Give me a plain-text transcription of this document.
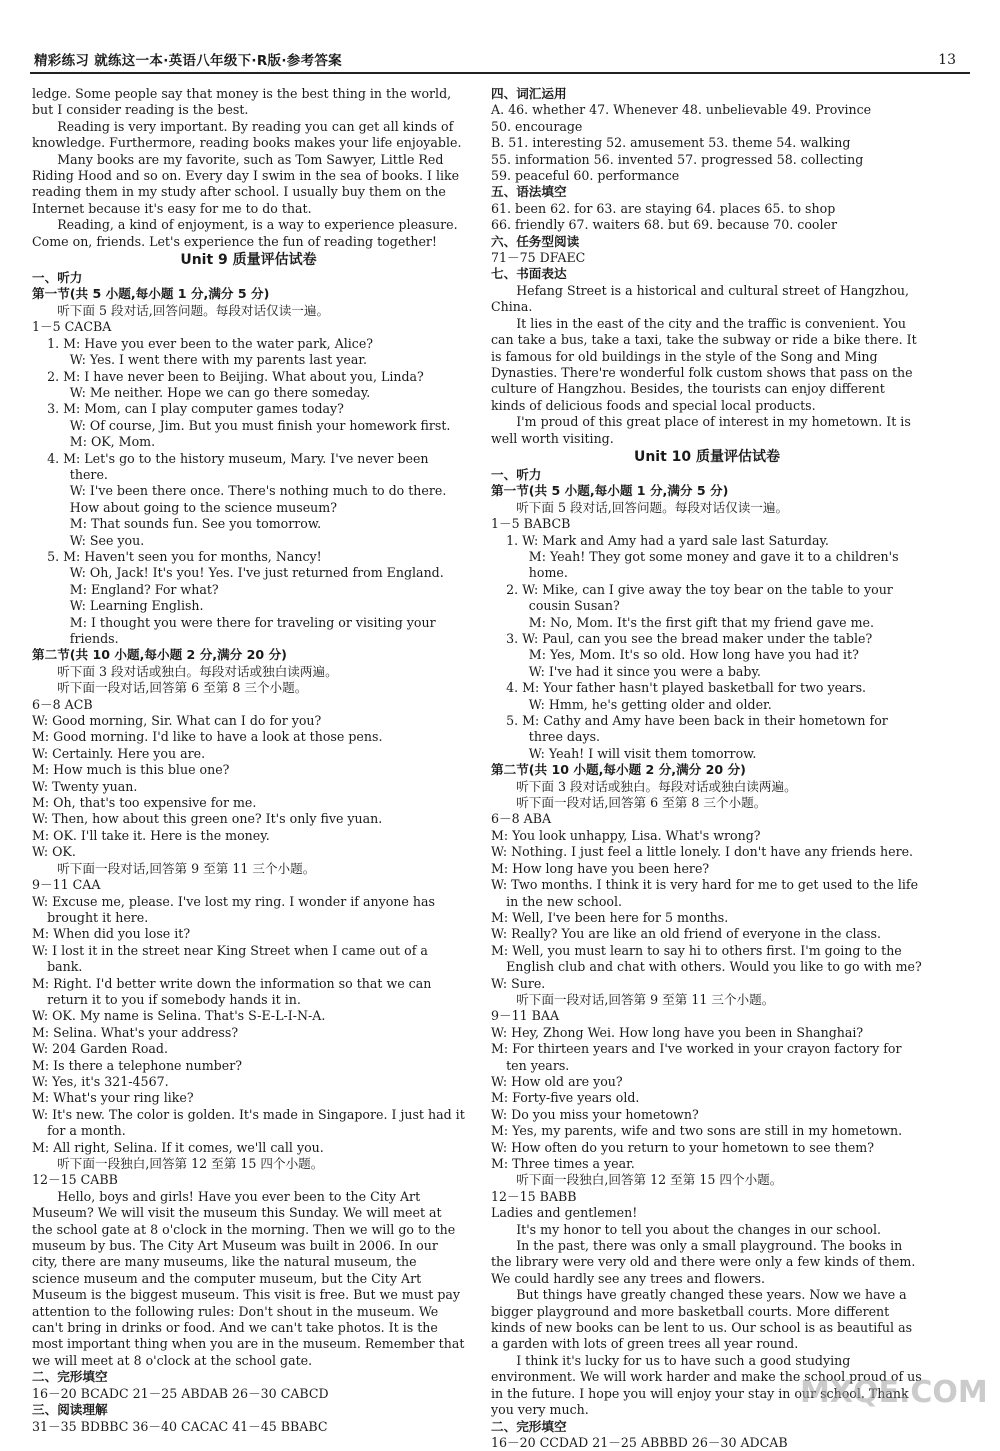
精彩练习 就练这一本·英语八年级下·R版·参考答案	13

ledge. Some people say that money is the best thing in the world, but I consider reading is the best.

Reading is very important. By reading you can get all kinds of knowledge. Furthermore, reading books makes your life enjoyable.

Many books are my favorite, such as Tom Sawyer, Little Red Riding Hood and so on. Every day I swim in the sea of books. I like reading them in my study after school. I usually buy them on the Internet because it's easy for me to do that.

Reading, a kind of enjoyment, is a way to experience pleasure. Come on, friends. Let's experience the fun of reading together!

Unit 9 质量评估试卷

一、听力

第一节(共 5 小题,每小题 1 分,满分 5 分)

听下面 5 段对话,回答问题。每段对话仅读一遍。

1－5 CACBA

1. M: Have you ever been to the water park, Alice?

W: Yes. I went there with my parents last year.

2. M: I have never been to Beijing. What about you, Linda?

W: Me neither. Hope we can go there someday.

3. M: Mom, can I play computer games today?

W: Of course, Jim. But you must finish your homework first.

M: OK, Mom.

4. M: Let's go to the history museum, Mary. I've never been there.

W: I've been there once. There's nothing much to do there. How about going to the science museum?

M: That sounds fun. See you tomorrow.

W: See you.

5. M: Haven't seen you for months, Nancy!

W: Oh, Jack! It's you! Yes. I've just returned from England.

M: England? For what?

W: Learning English.

M: I thought you were there for traveling or visiting your friends.

第二节(共 10 小题,每小题 2 分,满分 20 分)

听下面 3 段对话或独白。每段对话或独白读两遍。

听下面一段对话,回答第 6 至第 8 三个小题。

6－8 ACB

W: Good morning, Sir. What can I do for you?

M: Good morning. I'd like to have a look at those pens.

W: Certainly. Here you are.

M: How much is this blue one?

W: Twenty yuan.

M: Oh, that's too expensive for me.

W: Then, how about this green one? It's only five yuan.

M: OK. I'll take it. Here is the money.

W: OK.

听下面一段对话,回答第 9 至第 11 三个小题。

9－11 CAA

W: Excuse me, please. I've lost my ring. I wonder if anyone has brought it here.

M: When did you lose it?

W: I lost it in the street near King Street when I came out of a bank.

M: Right. I'd better write down the information so that we can return it to you if somebody hands it in.

W: OK. My name is Selina. That's S-E-L-I-N-A.

M: Selina. What's your address?

W: 204 Garden Road.

M: Is there a telephone number?

W: Yes, it's 321-4567.

M: What's your ring like?

W: It's new. The color is golden. It's made in Singapore. I just had it for a month.

M: All right, Selina. If it comes, we'll call you.

听下面一段独白,回答第 12 至第 15 四个小题。

12－15 CABB

Hello, boys and girls! Have you ever been to the City Art Museum? We will visit the museum this Sunday. We will meet at the school gate at 8 o'clock in the morning. Then we will go to the museum by bus. The City Art Museum was built in 2006. In our city, there are many museums, like the natural museum, the science museum and the computer museum, but the City Art Museum is the biggest museum. This visit is free. But we must pay attention to the following rules: Don't shout in the museum. We can't bring in drinks or food. And we can't take photos. It is the most important thing when you are in the museum. Remember that we will meet at 8 o'clock at the school gate.

二、完形填空

16－20 BCADC 21－25 ABDAB 26－30 CABCD

三、阅读理解

31－35 BDBBC 36－40 CACAC 41－45 BBABC

四、词汇运用

A. 46. whether 47. Whenever 48. unbelievable 49. Province

50. encourage

B. 51. interesting 52. amusement 53. theme 54. walking

55. information 56. invented 57. progressed 58. collecting

59. peaceful 60. performance

五、语法填空

61. been 62. for 63. are staying 64. places 65. to shop

66. friendly 67. waiters 68. but 69. because 70. cooler

六、任务型阅读

71－75 DFAEC

七、书面表达

Hefang Street is a historical and cultural street of Hangzhou, China.

It lies in the east of the city and the traffic is convenient. You can take a bus, take a taxi, take the subway or ride a bike there. It is famous for old buildings in the style of the Song and Ming Dynasties. There're wonderful folk custom shows that pass on the culture of Hangzhou. Besides, the tourists can enjoy different kinds of delicious foods and special local products.

I'm proud of this great place of interest in my hometown. It is well worth visiting.

Unit 10 质量评估试卷

一、听力

第一节(共 5 小题,每小题 1 分,满分 5 分)

听下面 5 段对话,回答问题。每段对话仅读一遍。

1－5 BABCB

1. W: Mark and Amy had a yard sale last Saturday.

M: Yeah! They got some money and gave it to a children's home.

2. W: Mike, can I give away the toy bear on the table to your cousin Susan?

M: No, Mom. It's the first gift that my friend gave me.

3. W: Paul, can you see the bread maker under the table?

M: Yes, Mom. It's so old. How long have you had it?

W: I've had it since you were a baby.

4. M: Your father hasn't played basketball for two years.

W: Hmm, he's getting older and older.

5. M: Cathy and Amy have been back in their hometown for three days.

W: Yeah! I will visit them tomorrow.

第二节(共 10 小题,每小题 2 分,满分 20 分)

听下面 3 段对话或独白。每段对话或独白读两遍。

听下面一段对话,回答第 6 至第 8 三个小题。

6－8 ABA

M: You look unhappy, Lisa. What's wrong?

W: Nothing. I just feel a little lonely. I don't have any friends here.

M: How long have you been here?

W: Two months. I think it is very hard for me to get used to the life in the new school.

M: Well, I've been here for 5 months.

W: Really? You are like an old friend of everyone in the class.

M: Well, you must learn to say hi to others first. I'm going to the English club and chat with others. Would you like to go with me?

W: Sure.

听下面一段对话,回答第 9 至第 11 三个小题。

9－11 BAA

W: Hey, Zhong Wei. How long have you been in Shanghai?

M: For thirteen years and I've worked in your crayon factory for ten years.

W: How old are you?

M: Forty-five years old.

W: Do you miss your hometown?

M: Yes, my parents, wife and two sons are still in my hometown.

W: How often do you return to your hometown to see them?

M: Three times a year.

听下面一段独白,回答第 12 至第 15 四个小题。

12－15 BABB

Ladies and gentlemen!

It's my honor to tell you about the changes in our school.

In the past, there was only a small playground. The books in the library were very old and there were only a few kinds of them. We could hardly see any trees and flowers.

But things have greatly changed these years. Now we have a bigger playground and more basketball courts. More different kinds of new books can be lent to us. Our school is as beautiful as a garden with lots of green trees all year round.

I think it's lucky for us to have such a good studying environment. We will work harder and make the school proud of us in the future. I hope you will enjoy your stay in our school. Thank you very much.

二、完形填空

16－20 CCDAD 21－25 ABBBD 26－30 ADCAB

MXQE.COM
